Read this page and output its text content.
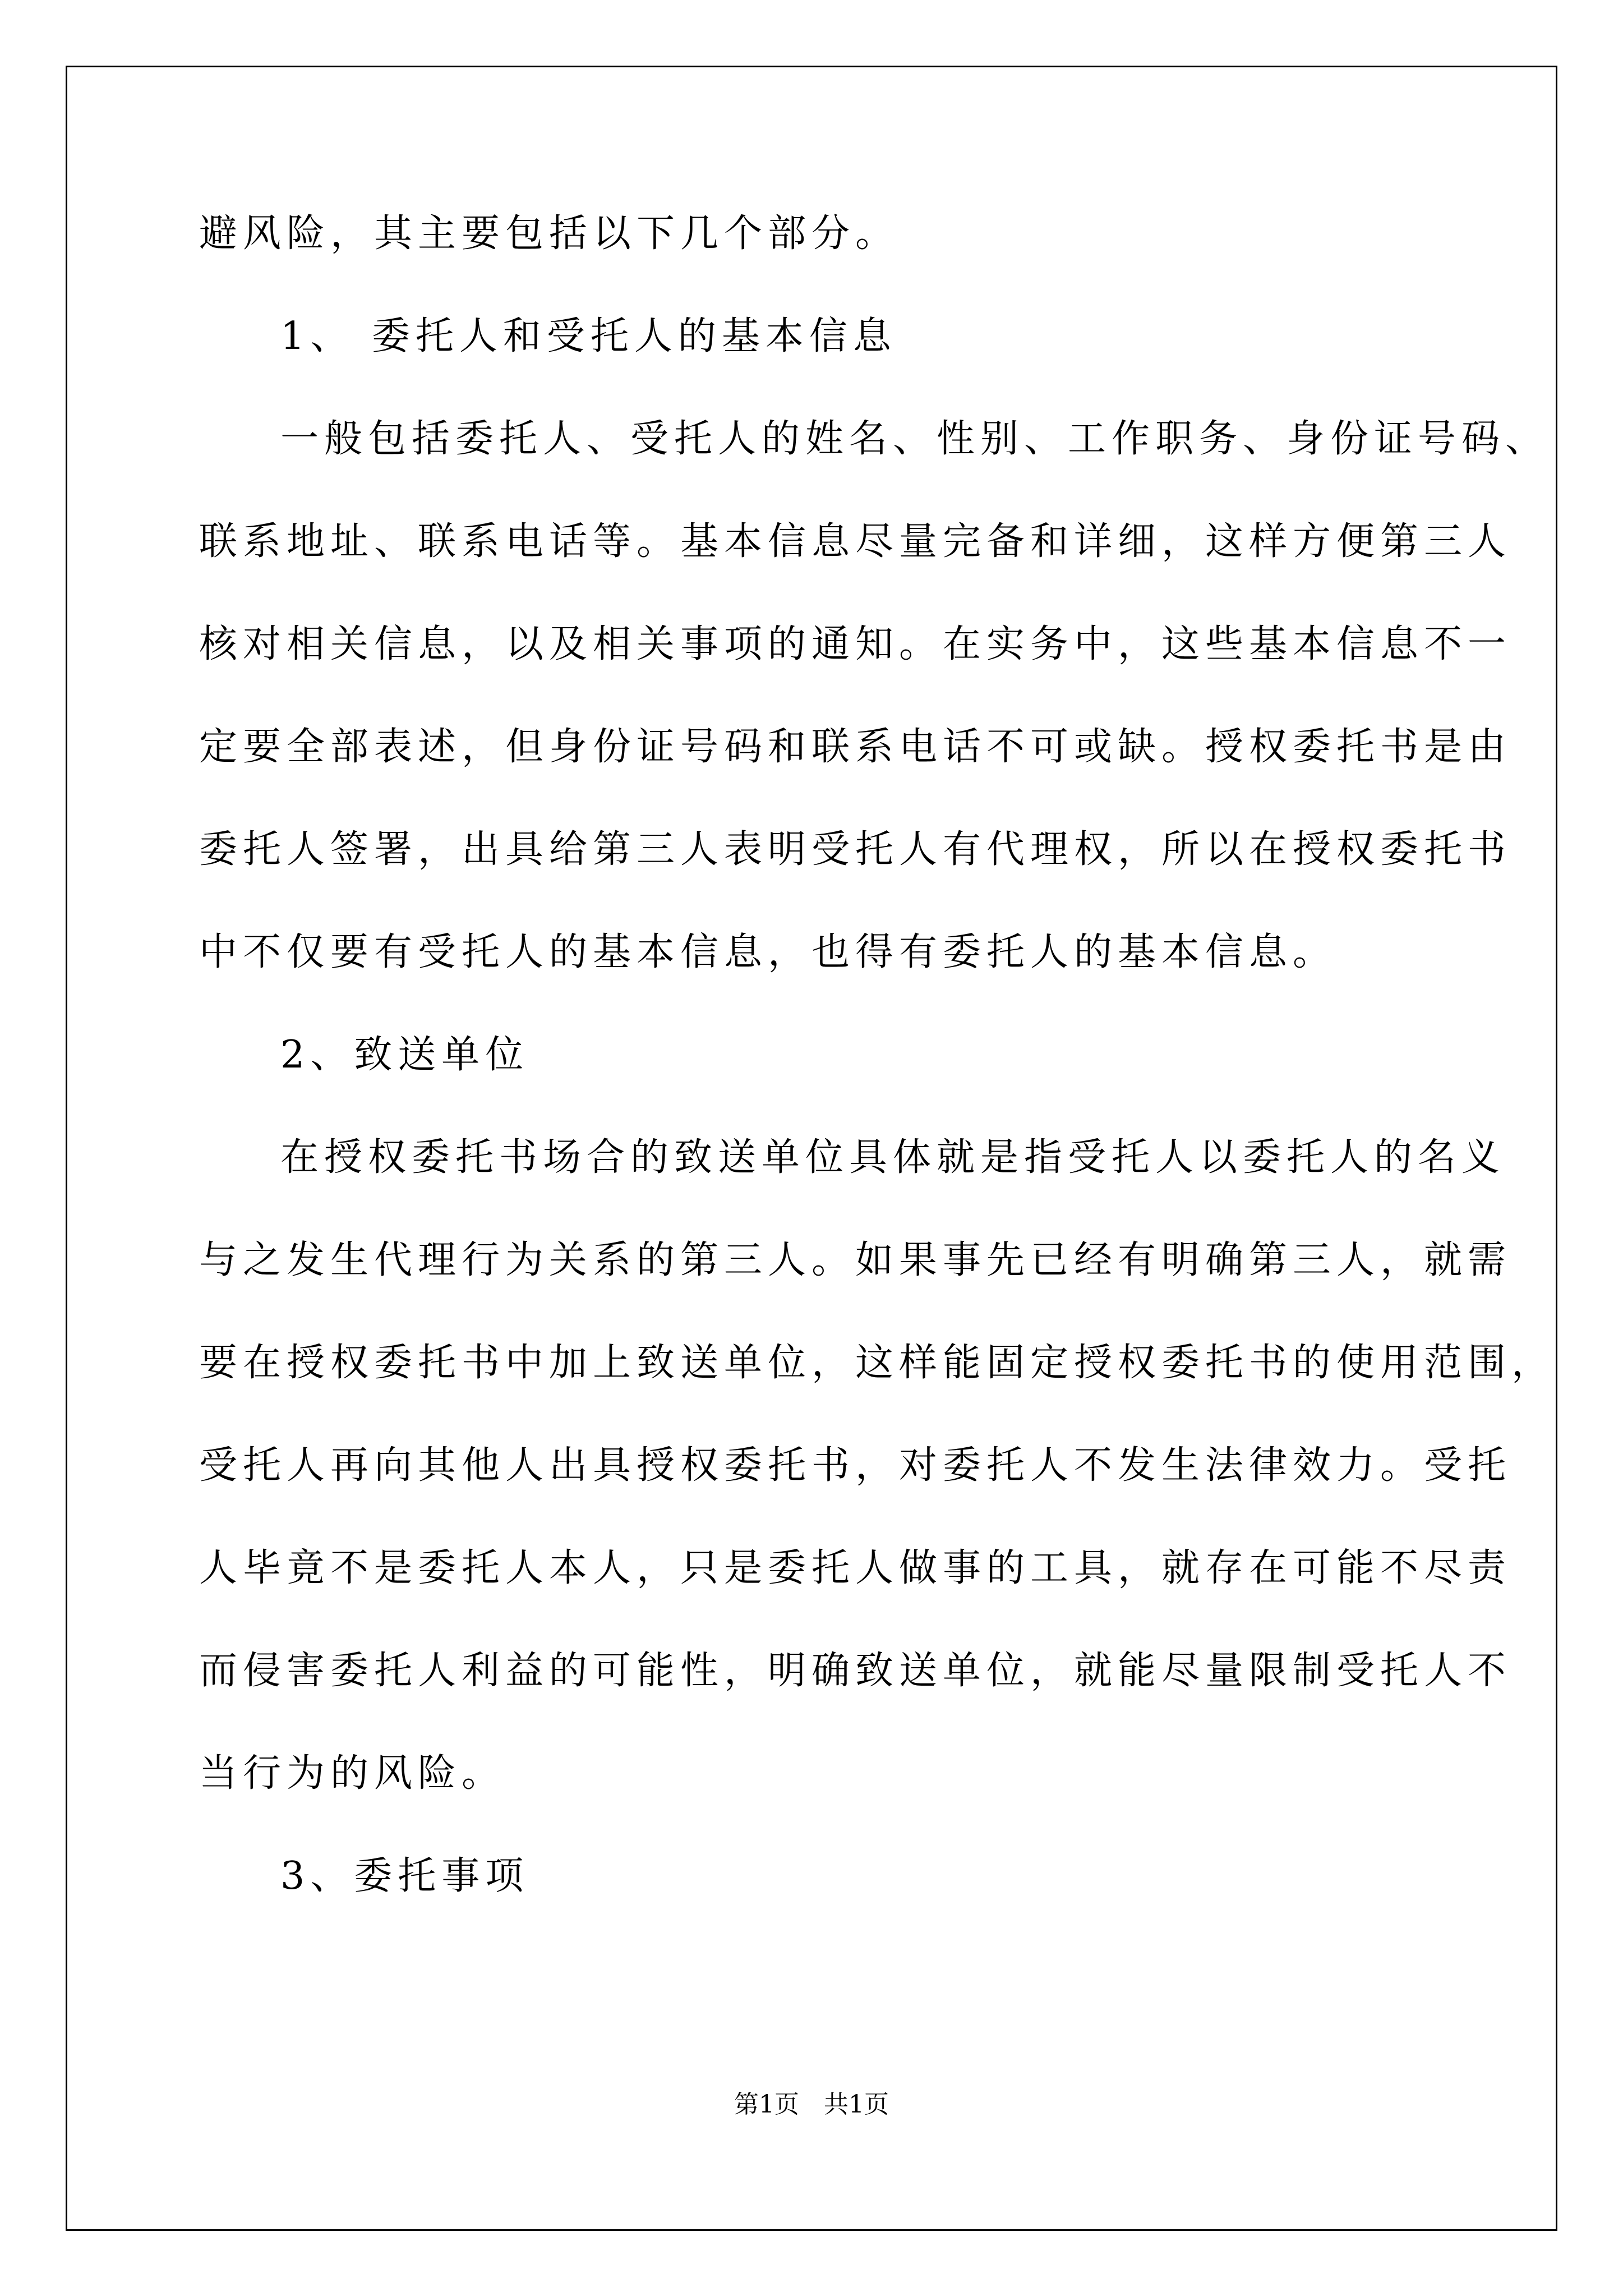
避风险，其主要包括以下几个部分。
1、 委托人和受托人的基本信息
一般包括委托人、受托人的姓名、性别、工作职务、身份证号码、
联系地址、联系电话等。基本信息尽量完备和详细，这样方便第三人
核对相关信息，以及相关事项的通知。在实务中，这些基本信息不一
定要全部表述，但身份证号码和联系电话不可或缺。授权委托书是由
委托人签署，出具给第三人表明受托人有代理权，所以在授权委托书
中不仅要有受托人的基本信息，也得有委托人的基本信息。
2、致送单位
在授权委托书场合的致送单位具体就是指受托人以委托人的名义
与之发生代理行为关系的第三人。如果事先已经有明确第三人，就需
要在授权委托书中加上致送单位，这样能固定授权委托书的使用范围，
受托人再向其他人出具授权委托书，对委托人不发生法律效力。受托
人毕竟不是委托人本人，只是委托人做事的工具，就存在可能不尽责
而侵害委托人利益的可能性，明确致送单位，就能尽量限制受托人不
当行为的风险。
3、委托事项
第1页　共1页
